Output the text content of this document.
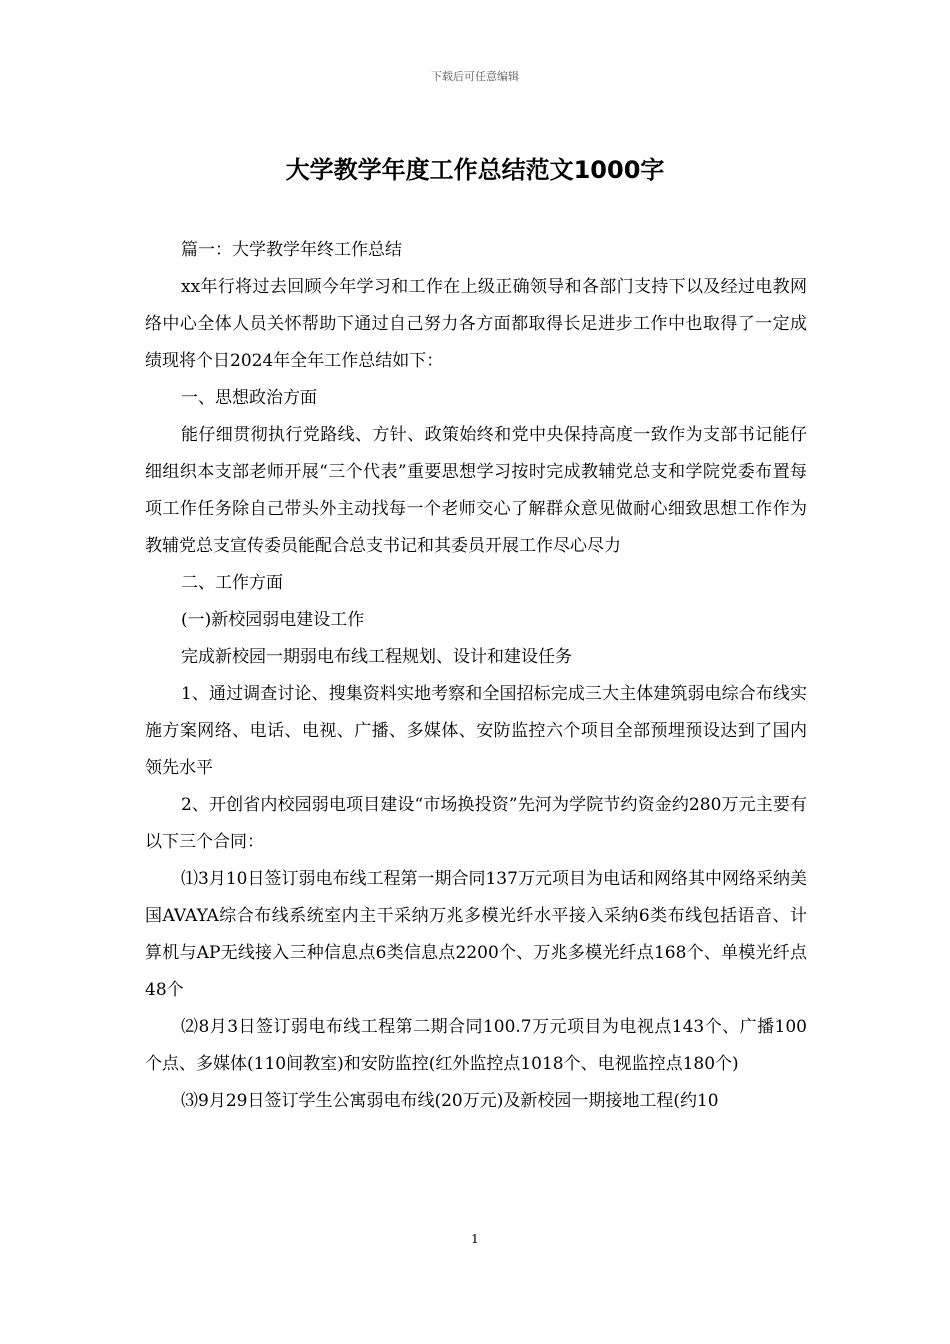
下载后可任意编辑
大学教学年度工作总结范文1000字

篇一：大学教学年终工作总结

xx年行将过去回顾今年学习和工作在上级正确领导和各部门支持下以及经过电教网络中心全体人员关怀帮助下通过自己努力各方面都取得长足进步工作中也取得了一定成绩现将个日2024年全年工作总结如下：

一、思想政治方面

能仔细贯彻执行党路线、方针、政策始终和党中央保持高度一致作为支部书记能仔细组织本支部老师开展“三个代表”重要思想学习按时完成教辅党总支和学院党委布置每项工作任务除自己带头外主动找每一个老师交心了解群众意见做耐心细致思想工作作为教辅党总支宣传委员能配合总支书记和其委员开展工作尽心尽力

二、工作方面

(一)新校园弱电建设工作

完成新校园一期弱电布线工程规划、设计和建设任务

1、通过调查讨论、搜集资料实地考察和全国招标完成三大主体建筑弱电综合布线实施方案网络、电话、电视、广播、多媒体、安防监控六个项目全部预埋预设达到了国内领先水平

2、开创省内校园弱电项目建设“市场换投资”先河为学院节约资金约280万元主要有以下三个合同：

⑴3月10日签订弱电布线工程第一期合同137万元项目为电话和网络其中网络采纳美国AVAYA综合布线系统室内主干采纳万兆多模光纤水平接入采纳6类布线包括语音、计算机与AP无线接入三种信息点6类信息点2200个、万兆多模光纤点168个、单模光纤点48个

⑵8月3日签订弱电布线工程第二期合同100.7万元项目为电视点143个、广播100个点、多媒体(110间教室)和安防监控(红外监控点1018个、电视监控点180个)

⑶9月29日签订学生公寓弱电布线(20万元)及新校园一期接地工程(约10

1
